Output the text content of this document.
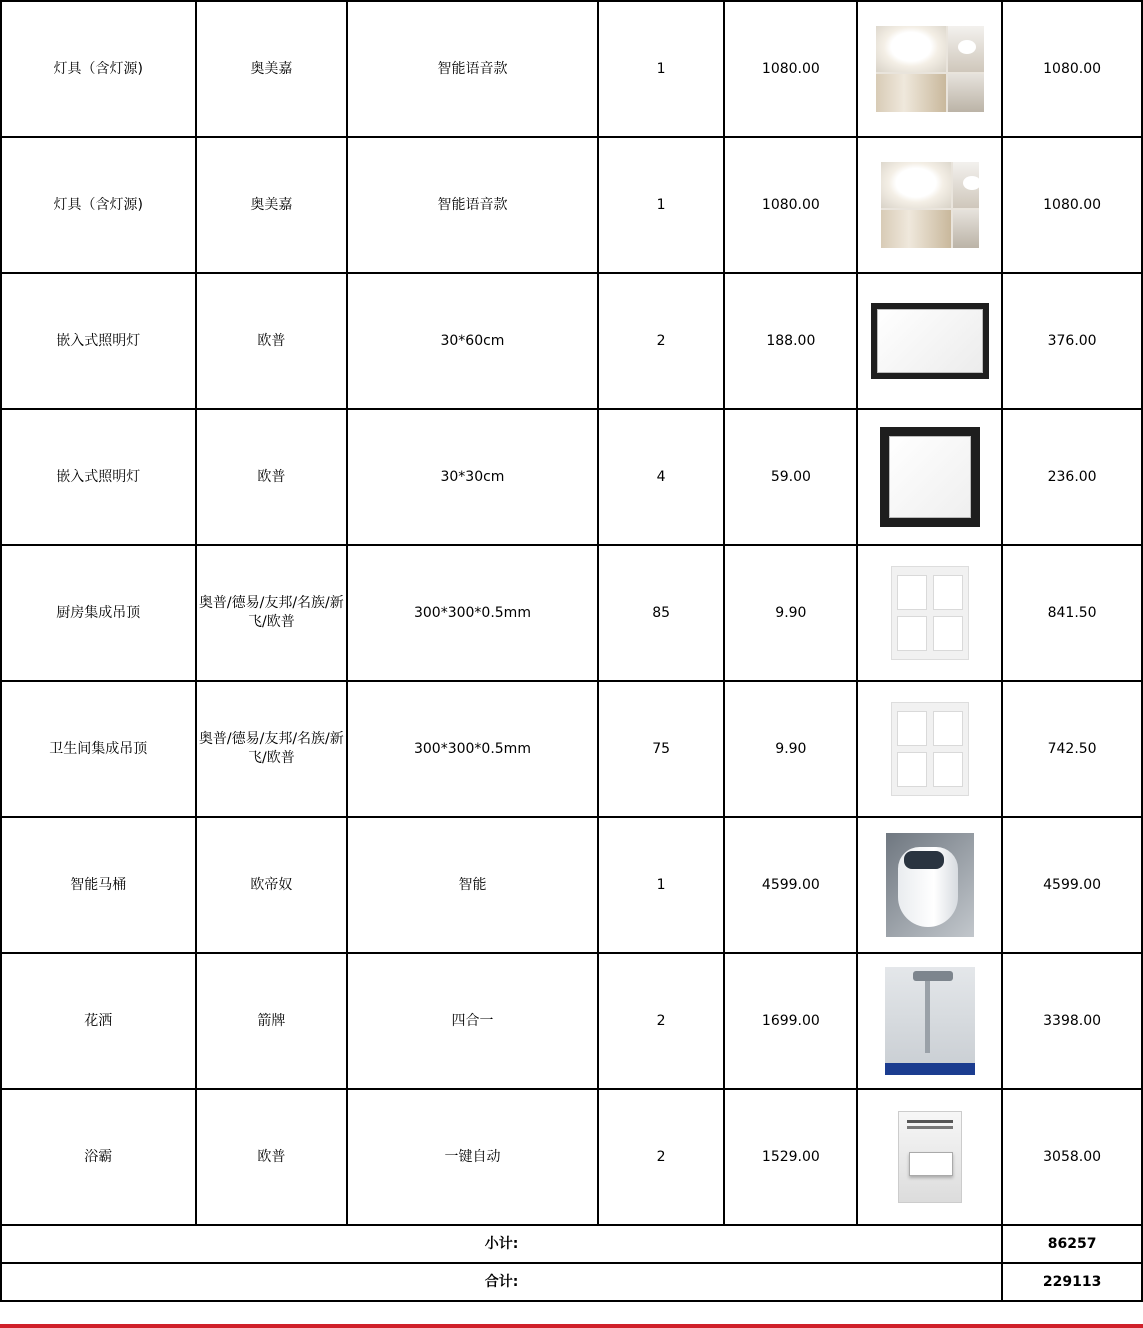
灯具（含灯源)	奥美嘉	智能语音款	1	1080.00		1080.00
灯具（含灯源)	奥美嘉	智能语音款	1	1080.00		1080.00
嵌入式照明灯	欧普	30*60cm	2	188.00		376.00
嵌入式照明灯	欧普	30*30cm	4	59.00		236.00
厨房集成吊顶	奥普/德易/友邦/名族/新飞/欧普	300*300*0.5mm	85	9.90		841.50
卫生间集成吊顶	奥普/德易/友邦/名族/新飞/欧普	300*300*0.5mm	75	9.90		742.50
智能马桶	欧帝奴	智能	1	4599.00		4599.00
花洒	箭牌	四合一	2	1699.00		3398.00
浴霸	欧普	一键自动	2	1529.00		3058.00
小计:						86257
合计:						229113
